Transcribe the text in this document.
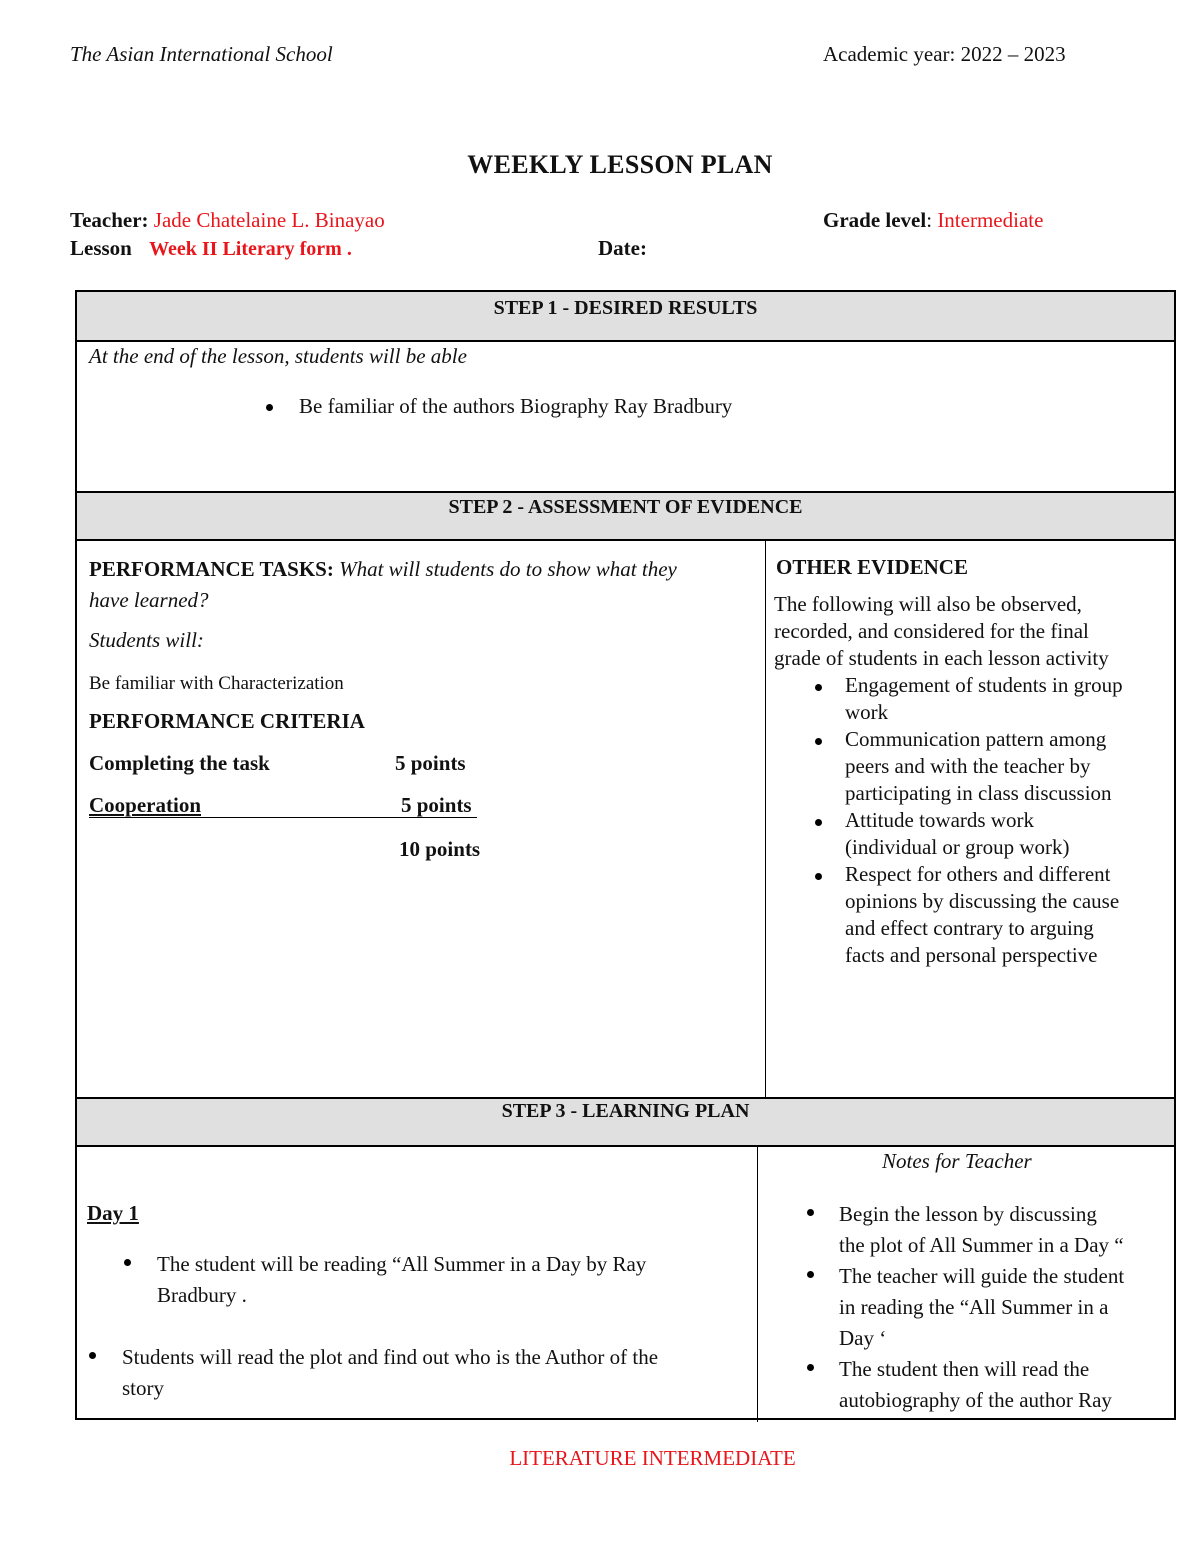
The Asian International School	Academic year: 2022 – 2023
WEEKLY LESSON PLAN
Teacher: Jade Chatelaine L. Binayao	Grade level: Intermediate
Lesson Week II Literary form .	Date:
STEP 1 - DESIRED RESULTS
At the end of the lesson, students will be able
Be familiar of the authors Biography Ray Bradbury
STEP 2 - ASSESSMENT OF EVIDENCE
PERFORMANCE TASKS: What will students do to show what they
have learned?
Students will:
Be familiar with Characterization
PERFORMANCE CRITERIA
Completing the task	5 points
Cooperation	5 points
10 points
OTHER EVIDENCE
The following will also be observed,
recorded, and considered for the final
grade of students in each lesson activity
Engagement of students in group
work
Communication pattern among
peers and with the teacher by
participating in class discussion
Attitude towards work
(individual or group work)
Respect for others and different
opinions by discussing the cause
and effect contrary to arguing
facts and personal perspective
STEP 3 - LEARNING PLAN
Day 1
The student will be reading “All Summer in a Day by Ray
Bradbury .
Students will read the plot and find out who is the Author of the
story
Notes for Teacher
Begin the lesson by discussing
the plot of All Summer in a Day “
The teacher will guide the student
in reading the “All Summer in a
Day ‘
The student then will read the
autobiography of the author Ray
LITERATURE INTERMEDIATE
